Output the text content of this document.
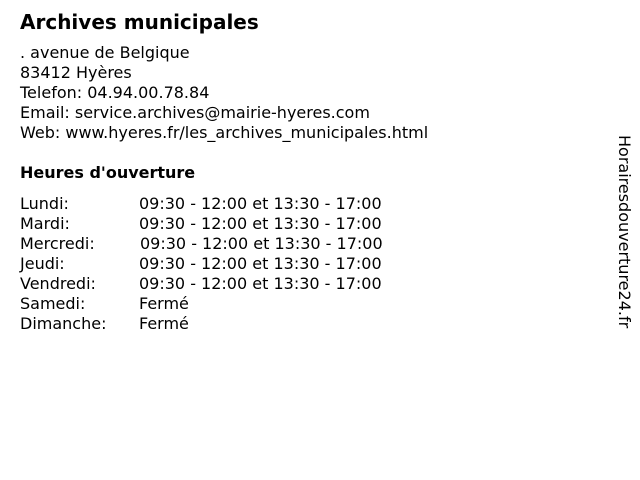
Archives municipales
. avenue de Belgique
83412 Hyères
Telefon: 04.94.00.78.84
Email: service.archives@mairie-hyeres.com
Web: www.hyeres.fr/les_archives_municipales.html
Heures d'ouverture
Lundi:	09:30 - 12:00 et 13:30 - 17:00
Mardi:	09:30 - 12:00 et 13:30 - 17:00
Mercredi:	09:30 - 12:00 et 13:30 - 17:00
Jeudi:	09:30 - 12:00 et 13:30 - 17:00
Vendredi:	09:30 - 12:00 et 13:30 - 17:00
Samedi:	Fermé
Dimanche: Fermé	Horairesdouverture24.fr
